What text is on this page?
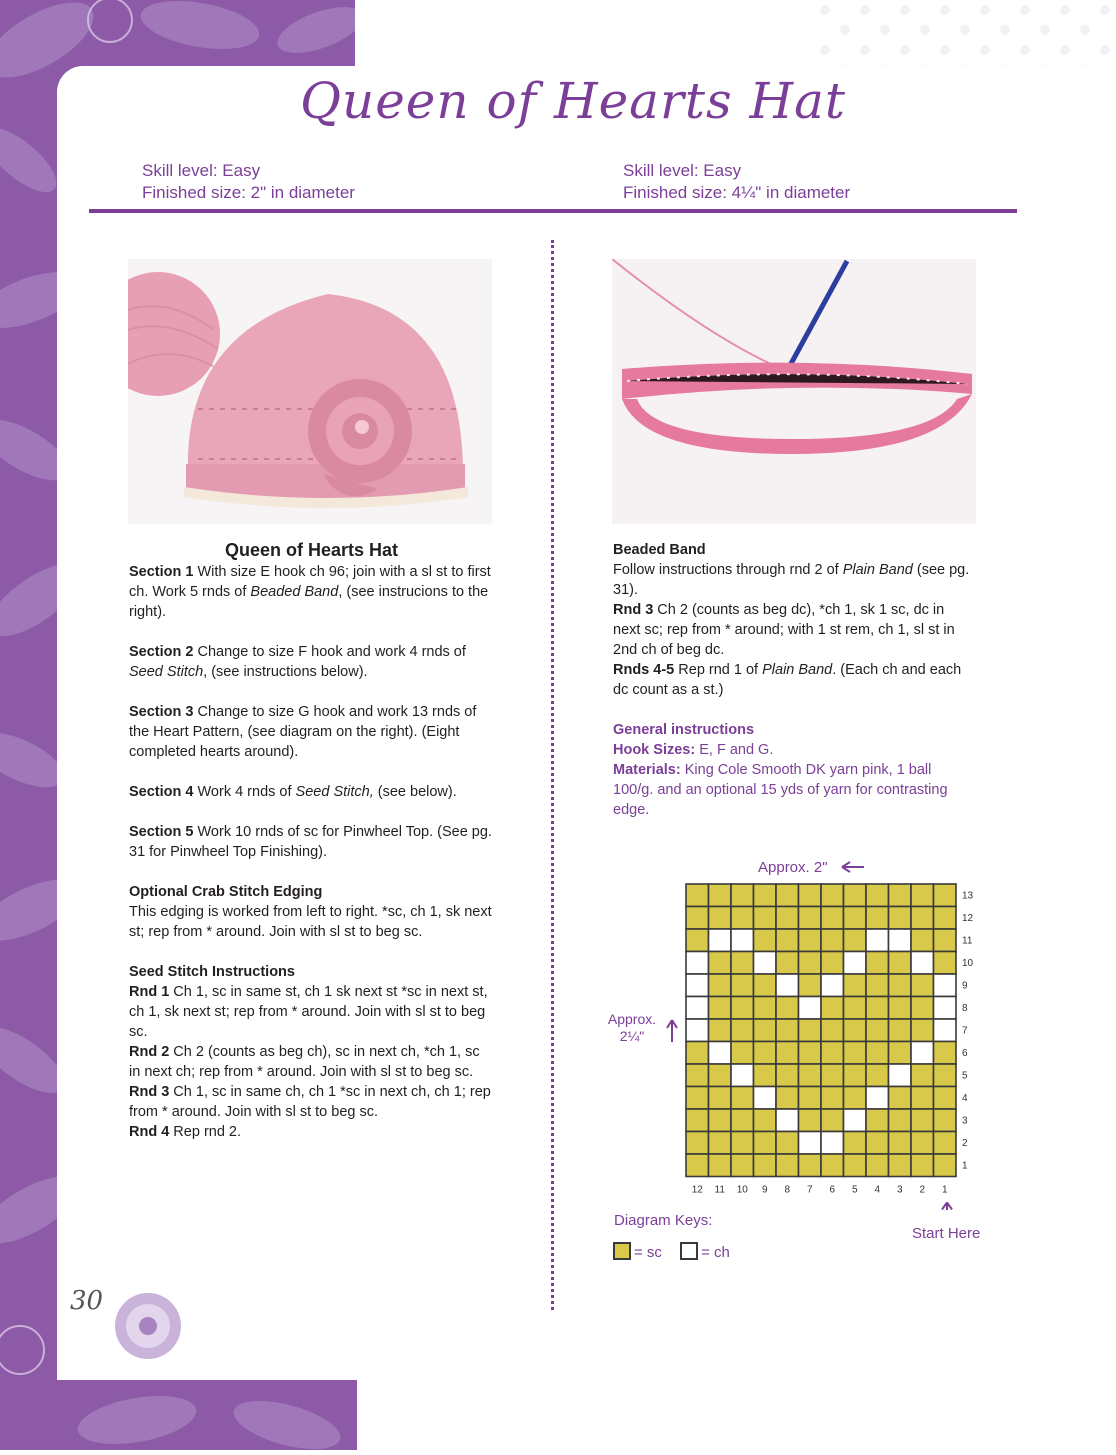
Queen of Hearts Hat
Skill level: Easy
Finished size: 2" in diameter
Skill level: Easy
Finished size: 4¼" in diameter

Queen of Hearts Hat

Section 1 With size E hook ch 96; join with a sl st to first ch. Work 5 rnds of Beaded Band, (see instrucions to the right).

Section 2 Change to size F hook and work 4 rnds of Seed Stitch, (see instructions below).

Section 3 Change to size G hook and work 13 rnds of the Heart Pattern, (see diagram on the right). (Eight completed hearts around).

Section 4 Work 4 rnds of Seed Stitch, (see below).

Section 5 Work 10 rnds of sc for Pinwheel Top. (See pg. 31 for Pinwheel Top Finishing).

Optional Crab Stitch Edging

This edging is worked from left to right. *sc, ch 1, sk next st; rep from * around. Join with sl st to beg sc.

Seed Stitch Instructions

Rnd 1 Ch 1, sc in same st, ch 1 sk next st *sc in next st, ch 1, sk next st; rep from * around. Join with sl st to beg sc.

Rnd 2 Ch 2 (counts as beg ch), sc in next ch, *ch 1, sc in next ch; rep from * around. Join with sl st to beg sc.

Rnd 3 Ch 1, sc in same ch, ch 1 *sc in next ch, ch 1; rep from * around. Join with sl st to beg sc.

Rnd 4 Rep rnd 2.

Beaded Band

Follow instructions through rnd 2 of Plain Band (see pg. 31).

Rnd 3 Ch 2 (counts as beg dc), *ch 1, sk 1 sc, dc in next sc; rep from * around; with 1 st rem, ch 1, sl st in 2nd ch of beg dc.

Rnds 4-5 Rep rnd 1 of Plain Band. (Each ch and each dc count as a st.)

General instructions

Hook Sizes: E, F and G.

Materials: King Cole Smooth DK yarn pink, 1 ball 100/g. and an optional 15 yds of yarn for contrasting edge.

13
12
11
10
9
8
7
6
5
4
3
2
1
12 11 10 9 8 7 6 5 4 3 2 1
Approx. 2"
Approx.
2¼"
Diagram Keys:
= sc	= ch
Start Here
30
